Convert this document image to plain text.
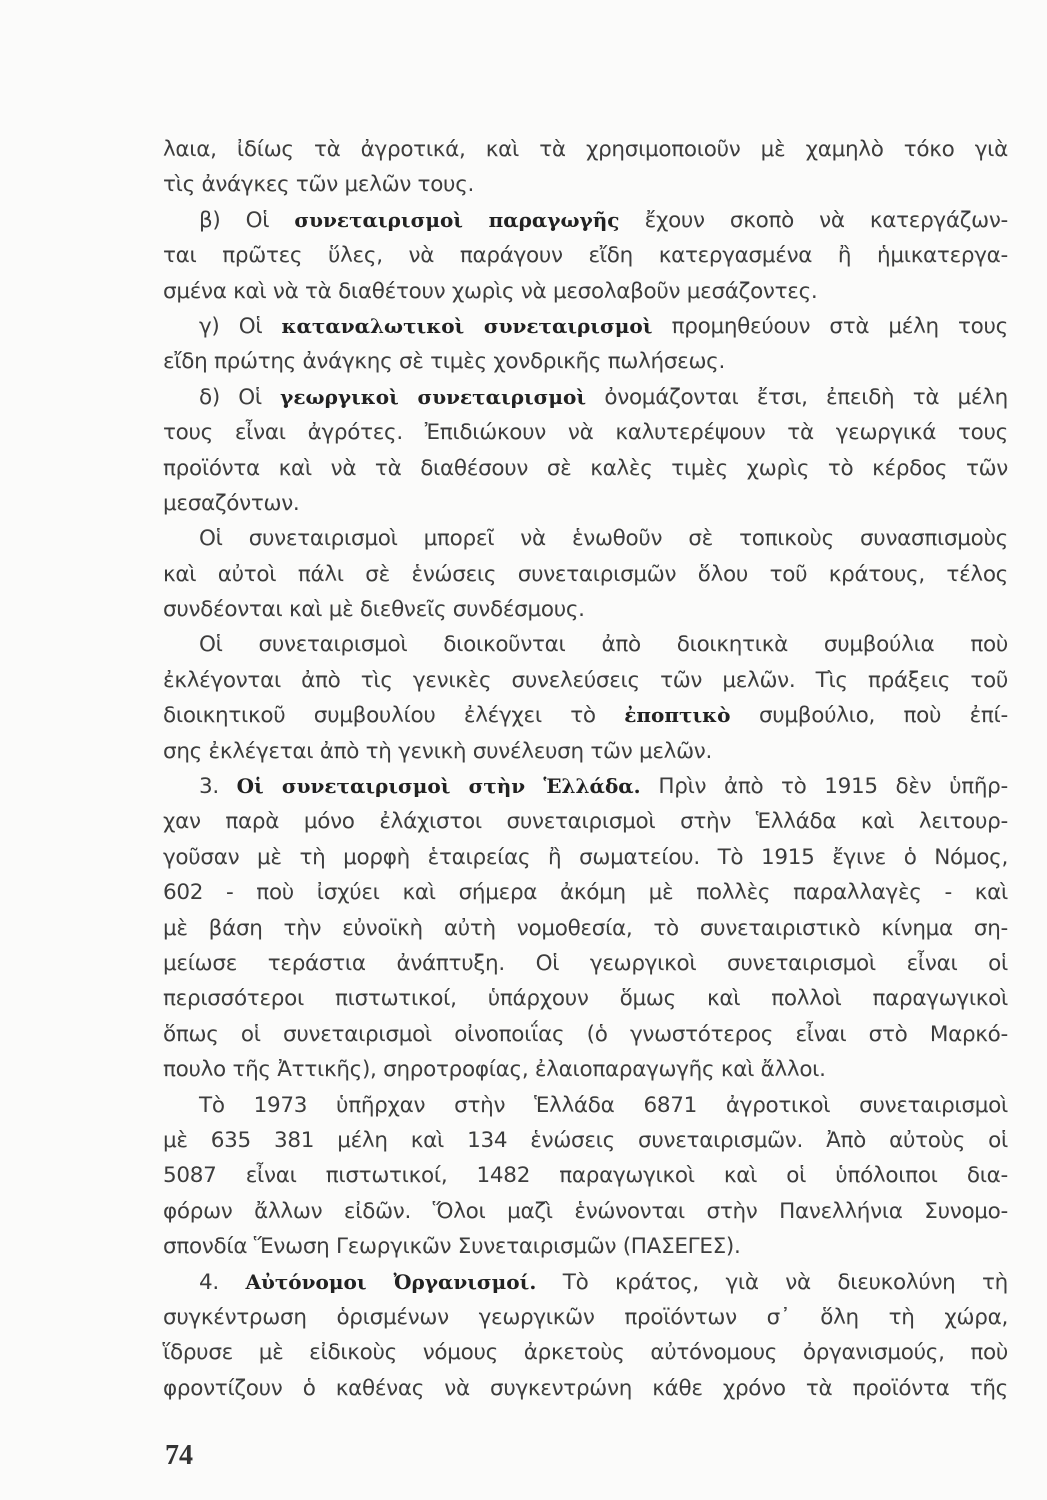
λαια, ἰδίως τὰ ἀγροτικά, καὶ τὰ χρησιμοποιοῦν μὲ χαμηλὸ τόκο γιὰ
τὶς ἀνάγκες τῶν μελῶν τους.
β) Οἱ συνεταιρισμοὶ παραγωγῆς ἔχουν σκοπὸ νὰ κατεργάζων-
ται πρῶτες ὕλες, νὰ παράγουν εἴδη κατεργασμένα ἢ ἡμικατεργα-
σμένα καὶ νὰ τὰ διαθέτουν χωρὶς νὰ μεσολαβοῦν μεσάζοντες.
γ) Οἱ καταναλωτικοὶ συνεταιρισμοὶ προμηθεύουν στὰ μέλη τους
εἴδη πρώτης ἀνάγκης σὲ τιμὲς χονδρικῆς πωλήσεως.
δ) Οἱ γεωργικοὶ συνεταιρισμοὶ ὀνομάζονται ἔτσι, ἐπειδὴ τὰ μέλη
τους εἶναι ἀγρότες. Ἐπιδιώκουν νὰ καλυτερέψουν τὰ γεωργικά τους
προϊόντα καὶ νὰ τὰ διαθέσουν σὲ καλὲς τιμὲς χωρὶς τὸ κέρδος τῶν
μεσαζόντων.
Οἱ συνεταιρισμοὶ μπορεῖ νὰ ἑνωθοῦν σὲ τοπικοὺς συνασπισμοὺς
καὶ αὐτοὶ πάλι σὲ ἑνώσεις συνεταιρισμῶν ὅλου τοῦ κράτους, τέλος
συνδέονται καὶ μὲ διεθνεῖς συνδέσμους.
Οἱ συνεταιρισμοὶ διοικοῦνται ἀπὸ διοικητικὰ συμβούλια ποὺ
ἐκλέγονται ἀπὸ τὶς γενικὲς συνελεύσεις τῶν μελῶν. Τὶς πράξεις τοῦ
διοικητικοῦ συμβουλίου ἐλέγχει τὸ ἐποπτικὸ συμβούλιο, ποὺ ἐπί-
σης ἐκλέγεται ἀπὸ τὴ γενικὴ συνέλευση τῶν μελῶν.
3. Οἱ συνεταιρισμοὶ στὴν Ἑλλάδα. Πρὶν ἀπὸ τὸ 1915 δὲν ὑπῆρ-
χαν παρὰ μόνο ἐλάχιστοι συνεταιρισμοὶ στὴν Ἑλλάδα καὶ λειτουρ-
γοῦσαν μὲ τὴ μορφὴ ἑταιρείας ἢ σωματείου. Τὸ 1915 ἔγινε ὁ Νόμος,
602 - ποὺ ἰσχύει καὶ σήμερα ἀκόμη μὲ πολλὲς παραλλαγὲς - καὶ
μὲ βάση τὴν εὐνοϊκὴ αὐτὴ νομοθεσία, τὸ συνεταιριστικὸ κίνημα ση-
μείωσε τεράστια ἀνάπτυξη. Οἱ γεωργικοὶ συνεταιρισμοὶ εἶναι οἱ
περισσότεροι πιστωτικοί, ὑπάρχουν ὅμως καὶ πολλοὶ παραγωγικοὶ
ὅπως οἱ συνεταιρισμοὶ οἰνοποιΐας (ὁ γνωστότερος εἶναι στὸ Μαρκό-
πουλο τῆς Ἀττικῆς), σηροτροφίας, ἐλαιοπαραγωγῆς καὶ ἄλλοι.
Τὸ 1973 ὑπῆρχαν στὴν Ἑλλάδα 6871 ἀγροτικοὶ συνεταιρισμοὶ
μὲ 635 381 μέλη καὶ 134 ἑνώσεις συνεταιρισμῶν. Ἀπὸ αὐτοὺς οἱ
5087 εἶναι πιστωτικοί, 1482 παραγωγικοὶ καὶ οἱ ὑπόλοιποι δια-
φόρων ἄλλων εἰδῶν. Ὅλοι μαζὶ ἑνώνονται στὴν Πανελλήνια Συνομο-
σπονδία Ἕνωση Γεωργικῶν Συνεταιρισμῶν (ΠΑΣΕΓΕΣ).
4. Αὐτόνομοι Ὀργανισμοί. Τὸ κράτος, γιὰ νὰ διευκολύνη τὴ
συγκέντρωση ὁρισμένων γεωργικῶν προϊόντων σ᾽ ὅλη τὴ χώρα,
ἵδρυσε μὲ εἰδικοὺς νόμους ἀρκετοὺς αὐτόνομους ὀργανισμούς, ποὺ
φροντίζουν ὁ καθένας νὰ συγκεντρώνη κάθε χρόνο τὰ προϊόντα τῆς
74
